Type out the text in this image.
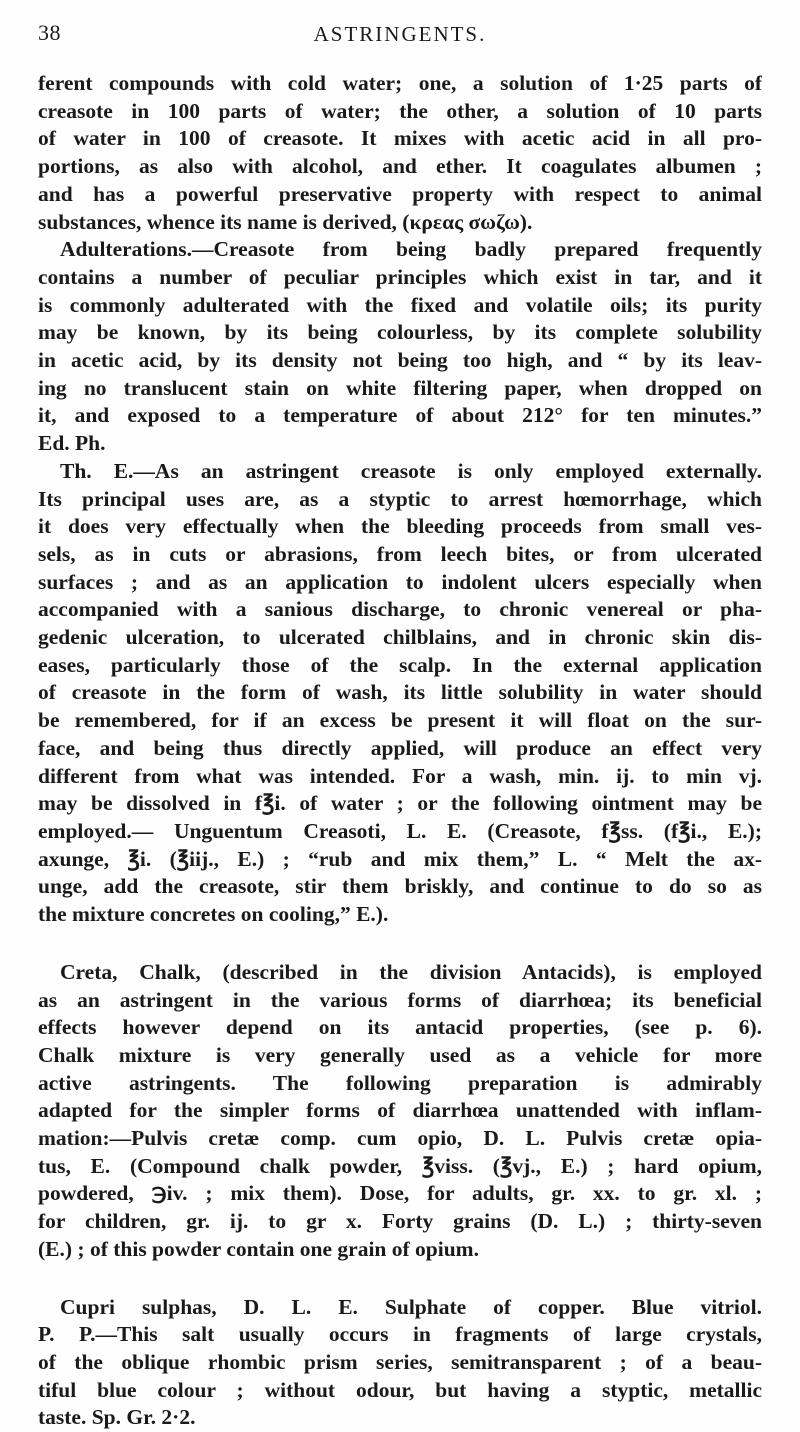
38	ASTRINGENTS.

ferent compounds with cold water; one, a solution of 1·25 parts of
creasote in 100 parts of water; the other, a solution of 10 parts
of water in 100 of creasote. It mixes with acetic acid in all pro-
portions, as also with alcohol, and ether. It coagulates albumen ;
and has a powerful preservative property with respect to animal
substances, whence its name is derived, (κρεας σωζω).

Adulterations.—Creasote from being badly prepared frequently
contains a number of peculiar principles which exist in tar, and it
is commonly adulterated with the fixed and volatile oils; its purity
may be known, by its being colourless, by its complete solubility
in acetic acid, by its density not being too high, and “ by its leav-
ing no translucent stain on white filtering paper, when dropped on
it, and exposed to a temperature of about 212° for ten minutes.”
Ed. Ph.

Th. E.—As an astringent creasote is only employed externally.
Its principal uses are, as a styptic to arrest hœmorrhage, which
it does very effectually when the bleeding proceeds from small ves-
sels, as in cuts or abrasions, from leech bites, or from ulcerated
surfaces ; and as an application to indolent ulcers especially when
accompanied with a sanious discharge, to chronic venereal or pha-
gedenic ulceration, to ulcerated chilblains, and in chronic skin dis-
eases, particularly those of the scalp. In the external application
of creasote in the form of wash, its little solubility in water should
be remembered, for if an excess be present it will float on the sur-
face, and being thus directly applied, will produce an effect very
different from what was intended. For a wash, min. ij. to min vj.
may be dissolved in f℥i. of water ; or the following ointment may be
employed.— Unguentum Creasoti, L. E. (Creasote, f℥ss. (f℥i., E.);
axunge, ℥i. (℥iij., E.) ; “rub and mix them,” L. “ Melt the ax-
unge, add the creasote, stir them briskly, and continue to do so as
the mixture concretes on cooling,” E.).

Creta, Chalk, (described in the division Antacids), is employed
as an astringent in the various forms of diarrhœa; its beneficial
effects however depend on its antacid properties, (see p. 6).
Chalk mixture is very generally used as a vehicle for more
active astringents. The following preparation is admirably
adapted for the simpler forms of diarrhœa unattended with inflam-
mation:—Pulvis cretæ comp. cum opio, D. L. Pulvis cretæ opia-
tus, E. (Compound chalk powder, ℥viss. (℥vj., E.) ; hard opium,
powdered, ℈iv. ; mix them). Dose, for adults, gr. xx. to gr. xl. ;
for children, gr. ij. to gr x. Forty grains (D. L.) ; thirty-seven
(E.) ; of this powder contain one grain of opium.

Cupri sulphas, D. L. E. Sulphate of copper. Blue vitriol.
P. P.—This salt usually occurs in fragments of large crystals,
of the oblique rhombic prism series, semitransparent ; of a beau-
tiful blue colour ; without odour, but having a styptic, metallic
taste. Sp. Gr. 2·2.
